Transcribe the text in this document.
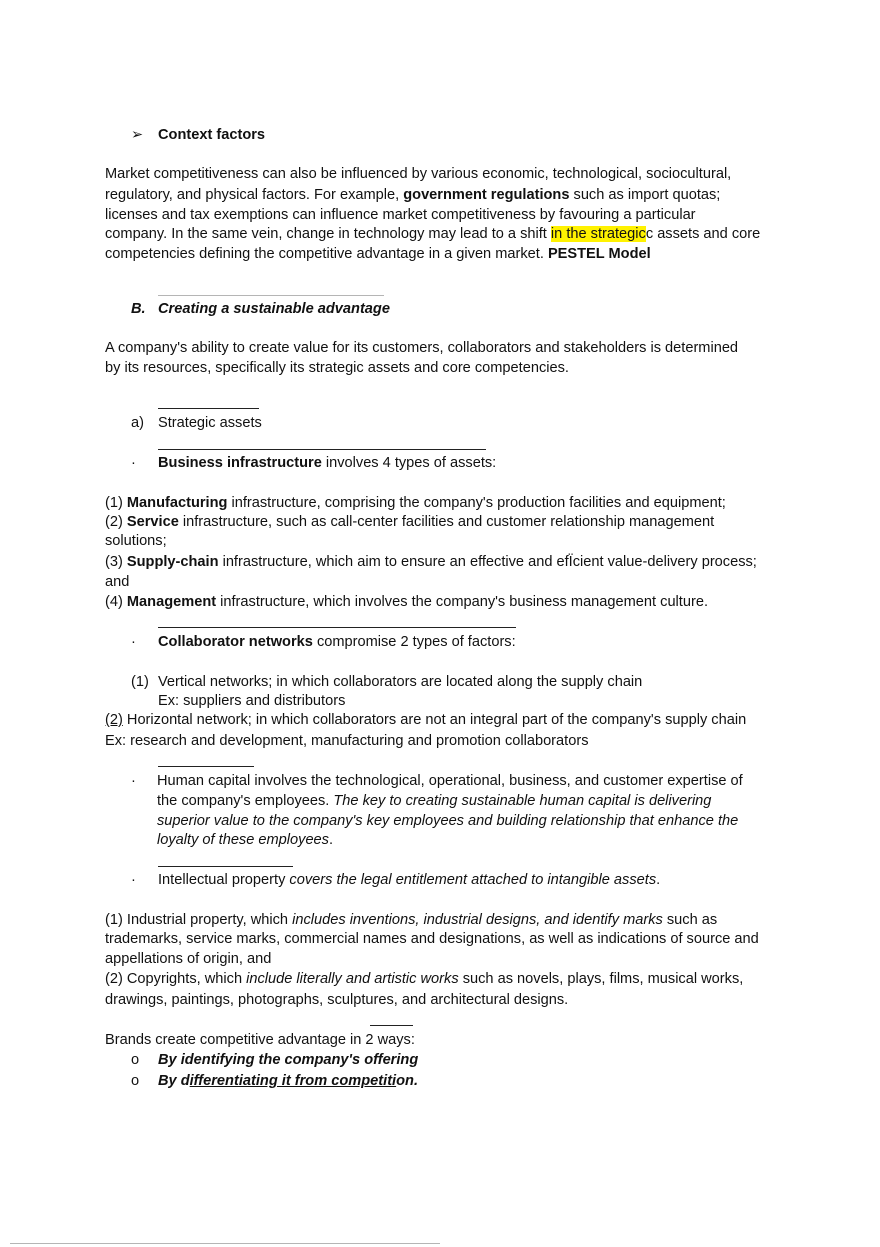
➢ Context factors
Market competitiveness can also be influenced by various economic, technological, sociocultural,
regulatory, and physical factors. For example, government regulations such as import quotas;
licenses and tax exemptions can influence market competitiveness by favouring a particular
company. In the same vein, change in technology may lead to a shift in the strategicc assets and core
competencies defining the competitive advantage in a given market. PESTEL Model
B. Creating a sustainable advantage
A company's ability to create value for its customers, collaborators and stakeholders is determined
by its resources, specifically its strategic assets and core competencies.
a) Strategic assets
· Business infrastructure involves 4 types of assets:
(1) Manufacturing infrastructure, comprising the company's production facilities and equipment;
(2) Service infrastructure, such as call-center facilities and customer relationship management
solutions;
(3) Supply-chain infrastructure, which aim to ensure an effective and efÏcient value-delivery process;
and
(4) Management infrastructure, which involves the company's business management culture.
· Collaborator networks compromise 2 types of factors:
(1) Vertical networks; in which collaborators are located along the supply chain
Ex: suppliers and distributors
(2) Horizontal network; in which collaborators are not an integral part of the company's supply chain
Ex: research and development, manufacturing and promotion collaborators
· Human capital involves the technological, operational, business, and customer expertise of
the company's employees. The key to creating sustainable human capital is delivering
superior value to the company's key employees and building relationship that enhance the
loyalty of these employees.
· Intellectual property covers the legal entitlement attached to intangible assets.
(1) Industrial property, which includes inventions, industrial designs, and identify marks such as
trademarks, service marks, commercial names and designations, as well as indications of source and
appellations of origin, and
(2) Copyrights, which include literally and artistic works such as novels, plays, films, musical works,
drawings, paintings, photographs, sculptures, and architectural designs.
Brands create competitive advantage in 2 ways:
o By identifying the company's offering
o By differentiating it from competition.
